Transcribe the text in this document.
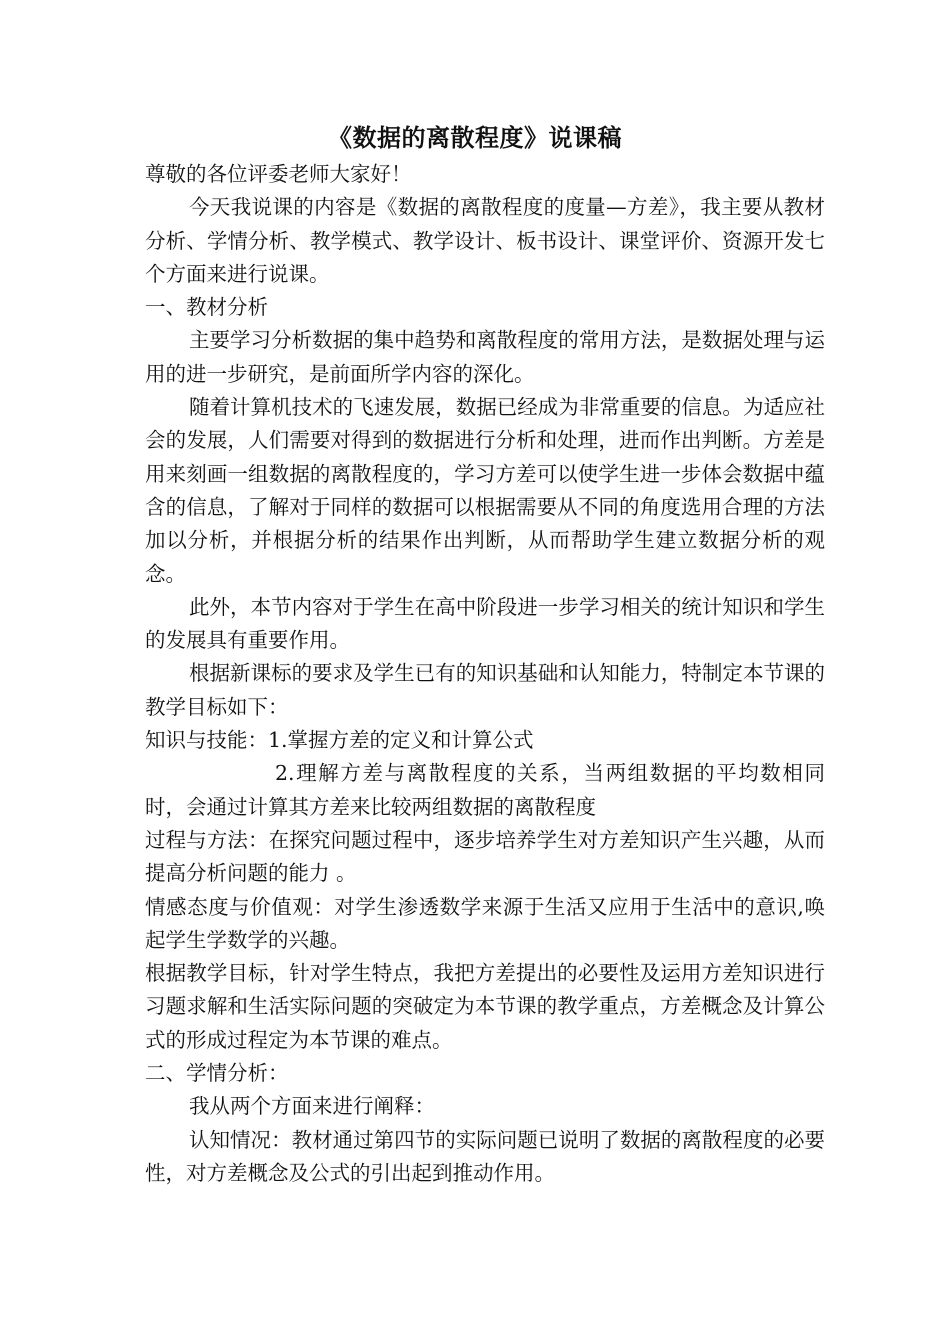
《数据的离散程度》说课稿

尊敬的各位评委老师大家好！

今天我说课的内容是《数据的离散程度的度量—方差》，我主要从教材分析、学情分析、教学模式、教学设计、板书设计、课堂评价、资源开发七个方面来进行说课。

一、教材分析

主要学习分析数据的集中趋势和离散程度的常用方法，是数据处理与运用的进一步研究，是前面所学内容的深化。

随着计算机技术的飞速发展，数据已经成为非常重要的信息。为适应社会的发展，人们需要对得到的数据进行分析和处理，进而作出判断。方差是用来刻画一组数据的离散程度的，学习方差可以使学生进一步体会数据中蕴含的信息，了解对于同样的数据可以根据需要从不同的角度选用合理的方法加以分析，并根据分析的结果作出判断，从而帮助学生建立数据分析的观念。

此外，本节内容对于学生在高中阶段进一步学习相关的统计知识和学生的发展具有重要作用。

根据新课标的要求及学生已有的知识基础和认知能力，特制定本节课的教学目标如下：

知识与技能：1.掌握方差的定义和计算公式

2.理解方差与离散程度的关系，当两组数据的平均数相同时，会通过计算其方差来比较两组数据的离散程度

过程与方法：在探究问题过程中，逐步培养学生对方差知识产生兴趣，从而提高分析问题的能力 。

情感态度与价值观：对学生渗透数学来源于生活又应用于生活中的意识,唤起学生学数学的兴趣。

根据教学目标，针对学生特点，我把方差提出的必要性及运用方差知识进行习题求解和生活实际问题的突破定为本节课的教学重点，方差概念及计算公式的形成过程定为本节课的难点。

二、学情分析：

我从两个方面来进行阐释：

认知情况：教材通过第四节的实际问题已说明了数据的离散程度的必要性，对方差概念及公式的引出起到推动作用。
